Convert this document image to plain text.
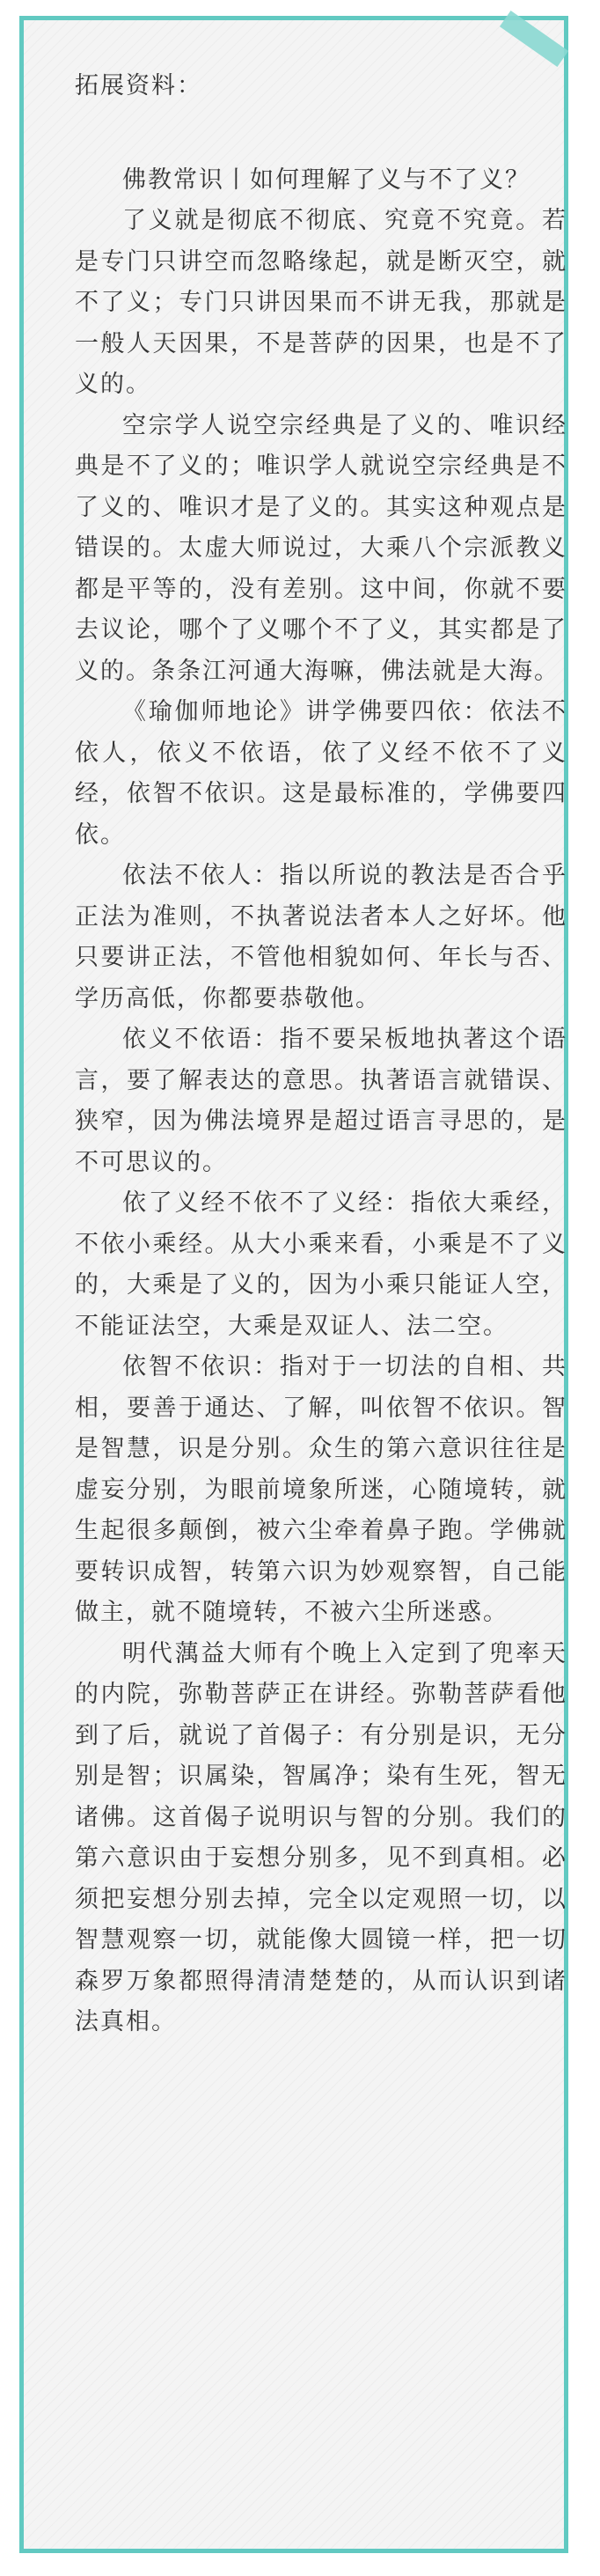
拓展资料：

佛教常识丨如何理解了义与不了义？

了义就是彻底不彻底、究竟不究竟。若是专门只讲空而忽略缘起，就是断灭空，就不了义；专门只讲因果而不讲无我，那就是一般人天因果，不是菩萨的因果，也是不了义的。

空宗学人说空宗经典是了义的、唯识经典是不了义的；唯识学人就说空宗经典是不了义的、唯识才是了义的。其实这种观点是错误的。太虚大师说过，大乘八个宗派教义都是平等的，没有差别。这中间，你就不要去议论，哪个了义哪个不了义，其实都是了义的。条条江河通大海嘛，佛法就是大海。

《瑜伽师地论》讲学佛要四依：依法不依人，依义不依语，依了义经不依不了义经，依智不依识。这是最标准的，学佛要四依。

依法不依人：指以所说的教法是否合乎正法为准则，不执著说法者本人之好坏。他只要讲正法，不管他相貌如何、年长与否、学历高低，你都要恭敬他。

依义不依语：指不要呆板地执著这个语言，要了解表达的意思。执著语言就错误、狭窄，因为佛法境界是超过语言寻思的，是不可思议的。

依了义经不依不了义经：指依大乘经，不依小乘经。从大小乘来看，小乘是不了义的，大乘是了义的，因为小乘只能证人空，不能证法空，大乘是双证人、法二空。

依智不依识：指对于一切法的自相、共相，要善于通达、了解，叫依智不依识。智是智慧，识是分别。众生的第六意识往往是虚妄分别，为眼前境象所迷，心随境转，就生起很多颠倒，被六尘牵着鼻子跑。学佛就要转识成智，转第六识为妙观察智，自己能做主，就不随境转，不被六尘所迷惑。

明代蕅益大师有个晚上入定到了兜率天的内院，弥勒菩萨正在讲经。弥勒菩萨看他到了后，就说了首偈子：有分别是识，无分别是智；识属染，智属净；染有生死，智无诸佛。这首偈子说明识与智的分别。我们的第六意识由于妄想分别多，见不到真相。必须把妄想分别去掉，完全以定观照一切，以智慧观察一切，就能像大圆镜一样，把一切森罗万象都照得清清楚楚的，从而认识到诸法真相。
